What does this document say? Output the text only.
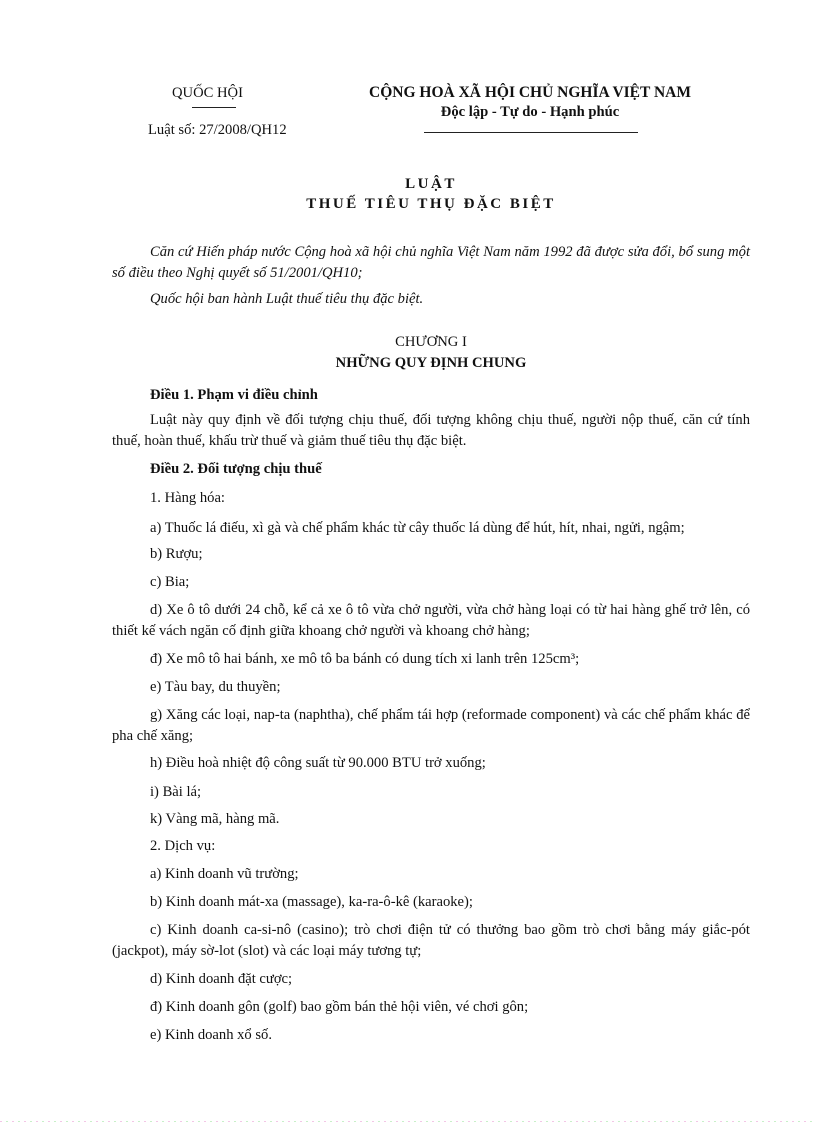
QUỐC HỘI
Luật số: 27/2008/QH12
CỘNG HOÀ XÃ HỘI CHỦ NGHĨA VIỆT NAM
Độc lập - Tự do - Hạnh phúc
LUẬT
THUẾ TIÊU THỤ ĐẶC BIỆT
Căn cứ Hiến pháp nước Cộng hoà xã hội chủ nghĩa Việt Nam năm 1992 đã được sửa đổi, bổ sung một số điều theo Nghị quyết số 51/2001/QH10;
Quốc hội ban hành Luật thuế tiêu thụ đặc biệt.
CHƯƠNG I
NHỮNG QUY ĐỊNH CHUNG
Điều 1. Phạm vi điều chỉnh
Luật này quy định về đối tượng chịu thuế, đối tượng không chịu thuế, người nộp thuế, căn cứ tính thuế, hoàn thuế, khấu trừ thuế và giảm thuế tiêu thụ đặc biệt.
Điều 2. Đối tượng chịu thuế
1. Hàng hóa:
a) Thuốc lá điếu, xì gà và chế phẩm khác từ cây thuốc lá dùng để hút, hít, nhai, ngửi, ngậm;
b) Rượu;
c) Bia;
d) Xe ô tô dưới 24 chỗ, kể cả xe ô tô vừa chở người, vừa chở hàng loại có từ hai hàng ghế trở lên, có thiết kế vách ngăn cố định giữa khoang chở người và khoang chở hàng;
đ) Xe mô tô hai bánh, xe mô tô ba bánh có dung tích xi lanh trên 125cm³;
e) Tàu bay, du thuyền;
g) Xăng các loại, nap-ta (naphtha), chế phẩm tái hợp (reformade component) và các chế phẩm khác để pha chế xăng;
h) Điều hoà nhiệt độ công suất từ 90.000 BTU trở xuống;
i) Bài lá;
k) Vàng mã, hàng mã.
2. Dịch vụ:
a) Kinh doanh vũ trường;
b) Kinh doanh mát-xa (massage), ka-ra-ô-kê (karaoke);
c) Kinh doanh ca-si-nô (casino); trò chơi điện tử có thưởng bao gồm trò chơi bằng máy giắc-pót (jackpot), máy sờ-lot (slot) và các loại máy tương tự;
d) Kinh doanh đặt cược;
đ) Kinh doanh gôn (golf) bao gồm bán thẻ hội viên, vé chơi gôn;
e) Kinh doanh xổ số.
